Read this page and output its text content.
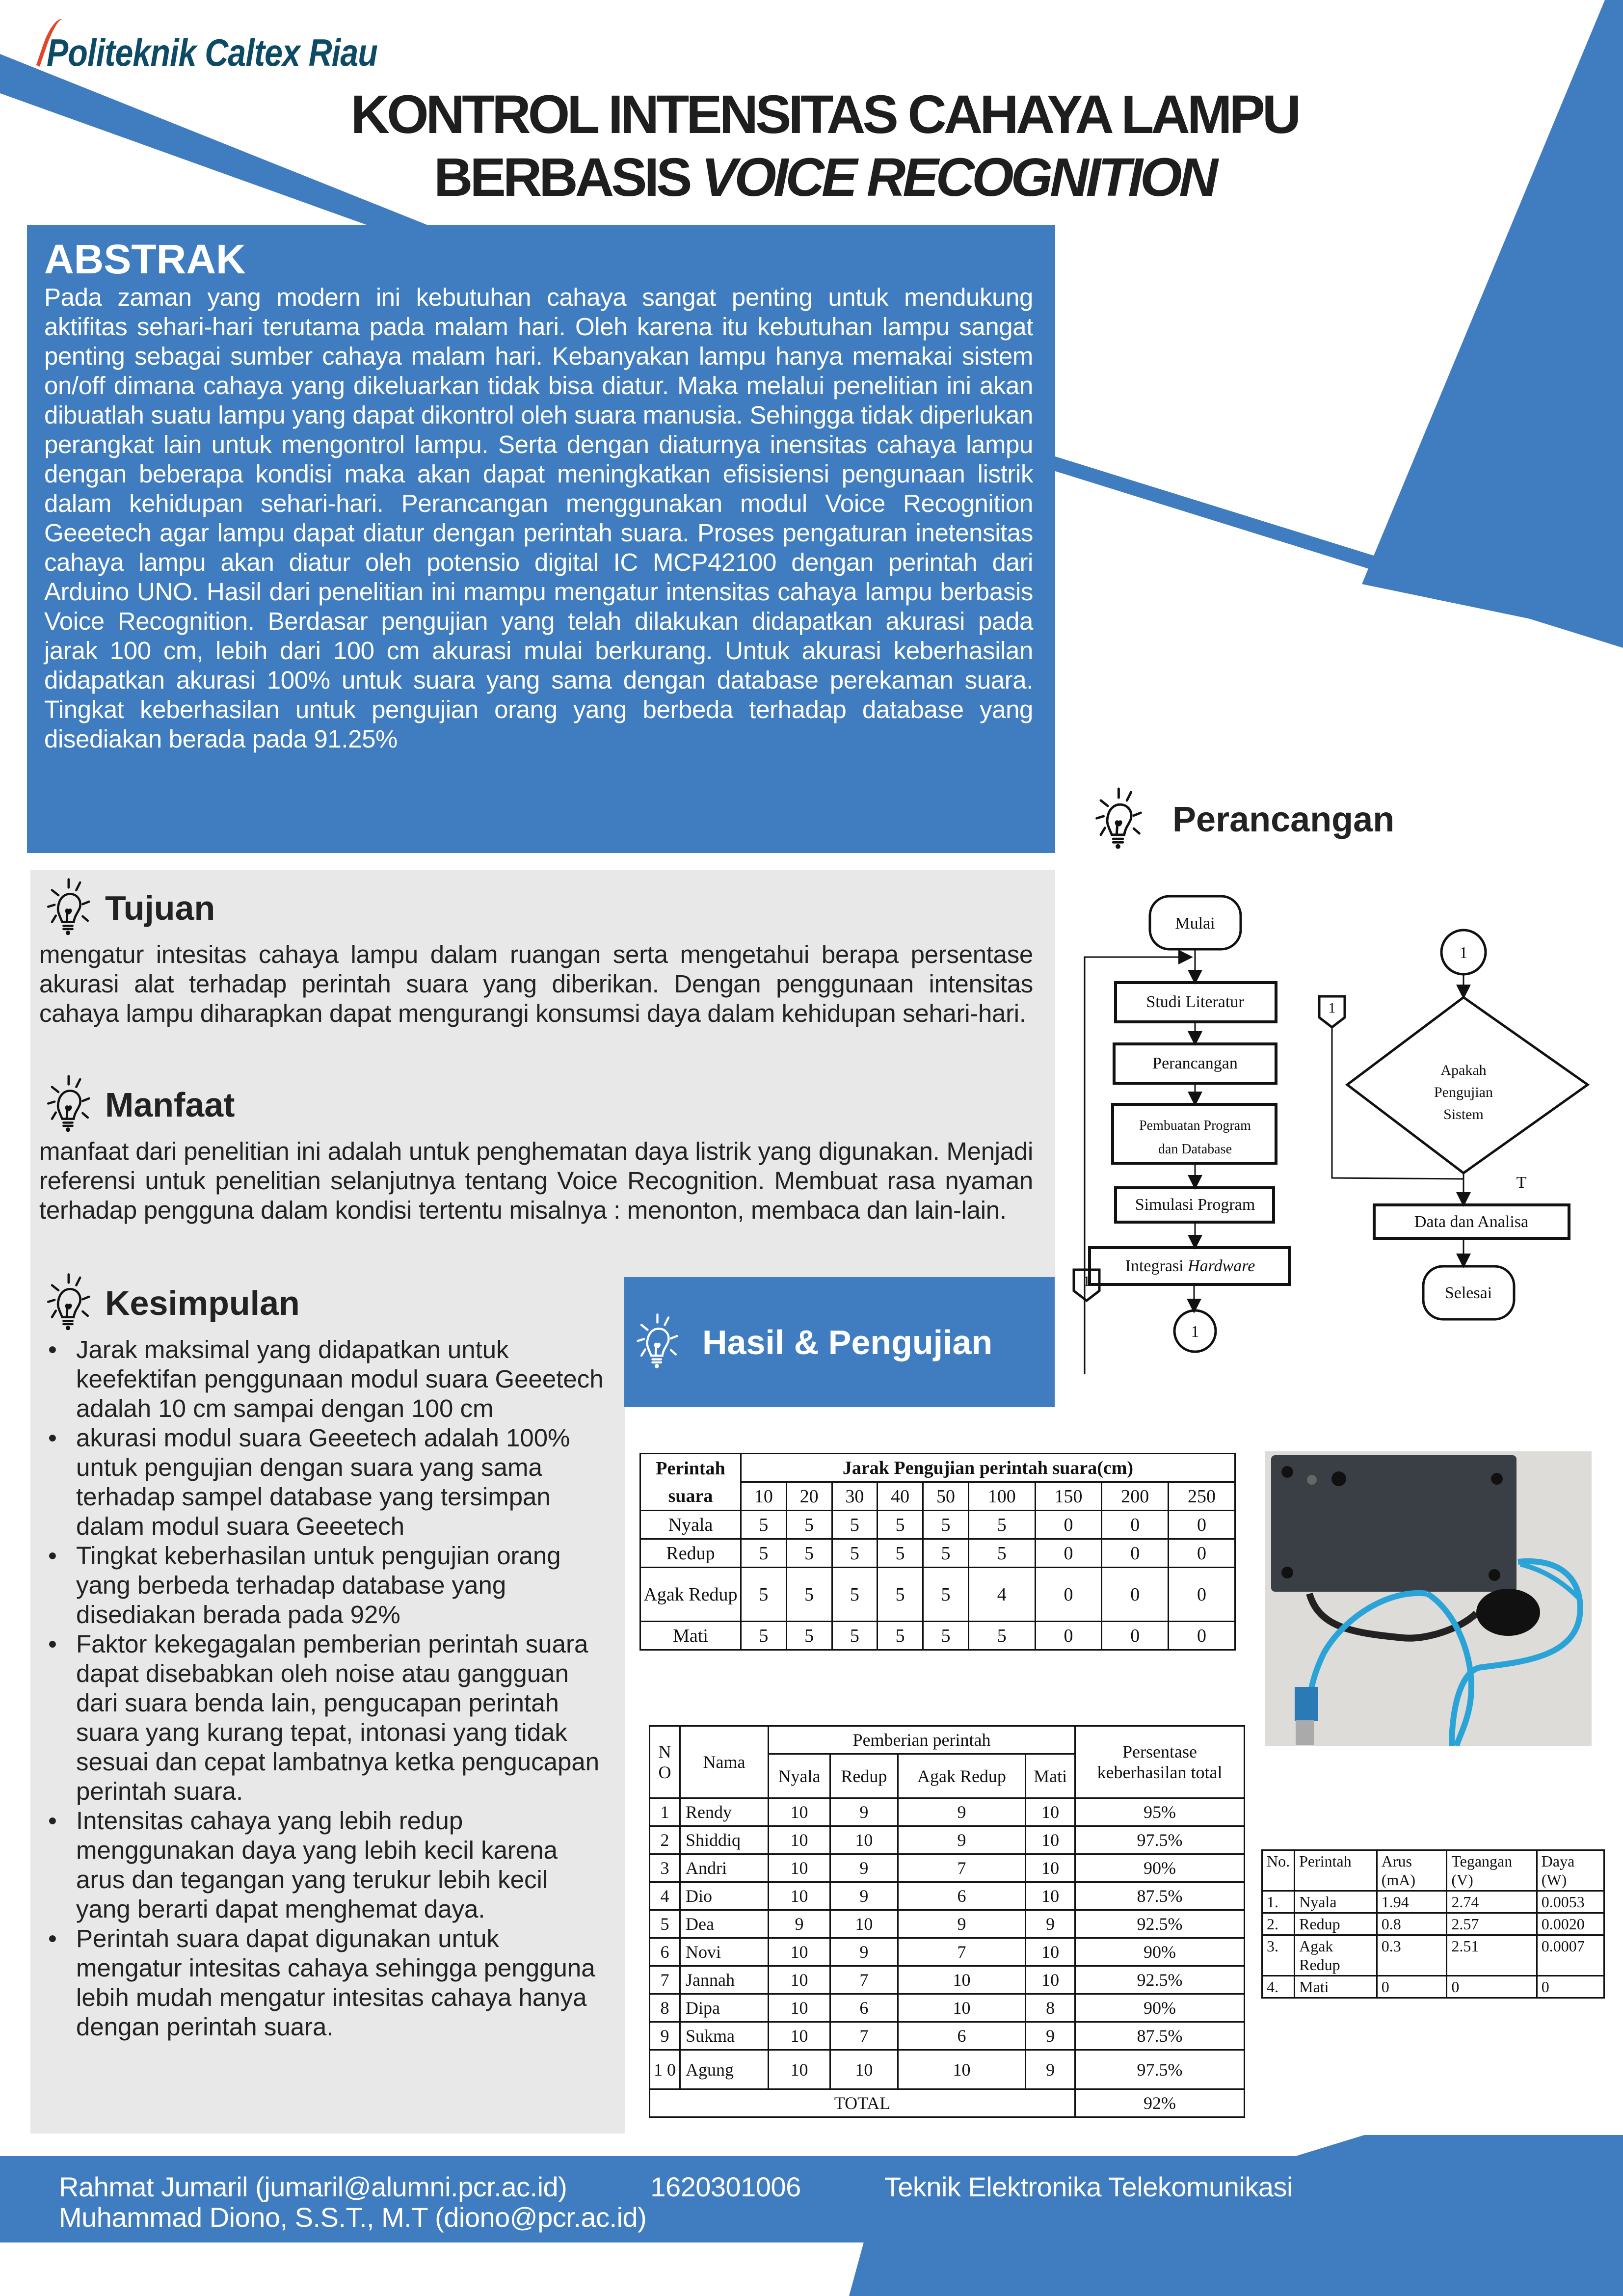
Politeknik Caltex Riau
KONTROL INTENSITAS CAHAYA LAMPU
BERBASIS VOICE RECOGNITION
ABSTRAK

Pada zaman yang modern ini kebutuhan cahaya sangat penting untuk mendukung aktifitas sehari-hari terutama pada malam hari. Oleh karena itu kebutuhan lampu sangat penting sebagai sumber cahaya malam hari. Kebanyakan lampu hanya memakai sistem on/off dimana cahaya yang dikeluarkan tidak bisa diatur. Maka melalui penelitian ini akan dibuatlah suatu lampu yang dapat dikontrol oleh suara manusia. Sehingga tidak diperlukan perangkat lain untuk mengontrol lampu. Serta dengan diaturnya inensitas cahaya lampu dengan beberapa kondisi maka akan dapat meningkatkan efisisiensi pengunaan listrik dalam kehidupan sehari-hari. Perancangan menggunakan modul Voice Recognition Geeetech agar lampu dapat diatur dengan perintah suara. Proses pengaturan inetensitas cahaya lampu akan diatur oleh potensio digital IC MCP42100 dengan perintah dari Arduino UNO. Hasil dari penelitian ini mampu mengatur intensitas cahaya lampu berbasis Voice Recognition. Berdasar pengujian yang telah dilakukan didapatkan akurasi pada jarak 100 cm, lebih dari 100 cm akurasi mulai berkurang. Untuk akurasi keberhasilan didapatkan akurasi 100% untuk suara yang sama dengan database perekaman suara. Tingkat keberhasilan untuk pengujian orang yang berbeda terhadap database yang disediakan berada pada 91.25%

Tujuan

mengatur intesitas cahaya lampu dalam ruangan serta mengetahui berapa persentase akurasi alat terhadap perintah suara yang diberikan. Dengan penggunaan intensitas cahaya lampu diharapkan dapat mengurangi konsumsi daya dalam kehidupan sehari-hari.

Manfaat

manfaat dari penelitian ini adalah untuk penghematan daya listrik yang digunakan. Menjadi referensi untuk penelitian selanjutnya tentang Voice Recognition. Membuat rasa nyaman terhadap pengguna dalam kondisi tertentu misalnya : menonton, membaca dan lain-lain.

Kesimpulan
• Jarak maksimal yang didapatkan untuk keefektifan penggunaan modul suara Geeetech adalah 10 cm sampai dengan 100 cm
• akurasi modul suara Geeetech adalah 100% untuk pengujian dengan suara yang sama terhadap sampel database yang tersimpan dalam modul suara Geeetech
• Tingkat keberhasilan untuk pengujian orang yang berbeda terhadap database yang disediakan berada pada 92%
• Faktor kekegagalan pemberian perintah suara dapat disebabkan oleh noise atau gangguan dari suara benda lain, pengucapan perintah suara yang kurang tepat, intonasi yang tidak sesuai dan cepat lambatnya ketka pengucapan perintah suara.
• Intensitas cahaya yang lebih redup menggunakan daya yang lebih kecil karena arus dan tegangan yang terukur lebih kecil yang berarti dapat menghemat daya.
• Perintah suara dapat digunakan untuk mengatur intesitas cahaya sehingga pengguna lebih mudah mengatur intesitas cahaya hanya dengan perintah suara.
Hasil & Pengujian
Perancangan
Mulai
Studi Literatur
Perancangan
Pembuatan Program
dan Database
Simulasi Program
Integrasi Hardware
1
1
1
1
Apakah
Pengujian
Sistem
T
Data dan Analisa
Selesai
Perintah
suara	Jarak Pengujian perintah suara(cm)								
	10	20	30	40	50	100	150	200	250
Nyala	5	5	5	5	5	5	0	0	0
Redup	5	5	5	5	5	5	0	0	0
Agak Redup	5	5	5	5	5	4	0	0	0
Mati	5	5	5	5	5	5	0	0	0
N O	Nama	Pemberian perintah				Persentase keberhasilan total
		Nyala	Redup	Agak Redup	Mati	
1	Rendy	10	9	9	10	95%
2	Shiddiq	10	10	9	10	97.5%
3	Andri	10	9	7	10	90%
4	Dio	10	9	6	10	87.5%
5	Dea	9	10	9	9	92.5%
6	Novi	10	9	7	10	90%
7	Jannah	10	7	10	10	92.5%
8	Dipa	10	6	10	8	90%
9	Sukma	10	7	6	9	87.5%
1 0	Agung	10	10	10	9	97.5%
TOTAL						92%
No.	Perintah	Arus (mA)	Tegangan (V)	Daya (W)
1.	Nyala	1.94	2.74	0.0053
2.	Redup	0.8	2.57	0.0020
3.	Agak Redup	0.3	2.51	0.0007
4.	Mati	0	0	0
Rahmat Jumaril (jumaril@alumni.pcr.ac.id)	1620301006	Teknik Elektronika Telekomunikasi
Muhammad Diono, S.S.T., M.T (diono@pcr.ac.id)
